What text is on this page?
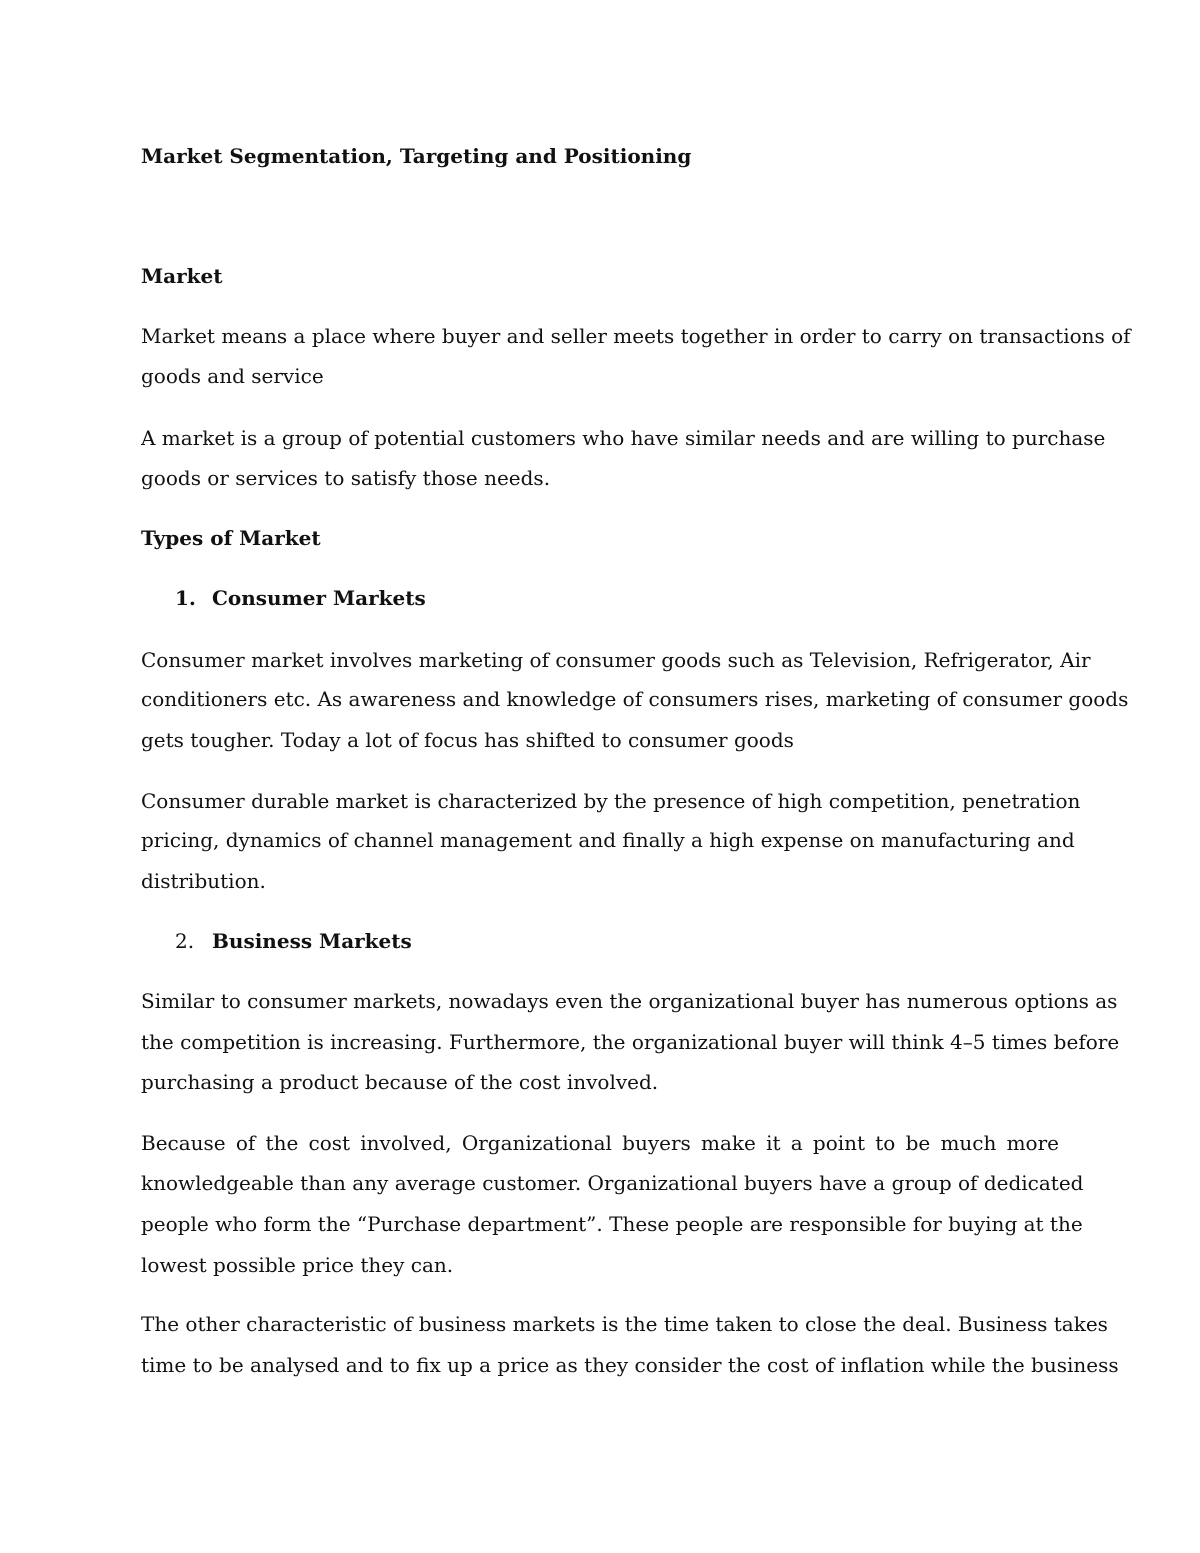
Market Segmentation, Targeting and Positioning

Market

Market means a place where buyer and seller meets together in order to carry on transactions of

goods and service

A market is a group of potential customers who have similar needs and are willing to purchase

goods or services to satisfy those needs.

Types of Market

1. Consumer Markets

Consumer market involves marketing of consumer goods such as Television, Refrigerator, Air

conditioners etc. As awareness and knowledge of consumers rises, marketing of consumer goods

gets tougher. Today a lot of focus has shifted to consumer goods

Consumer durable market is characterized by the presence of high competition, penetration

pricing, dynamics of channel management and finally a high expense on manufacturing and

distribution.

2. Business Markets

Similar to consumer markets, nowadays even the organizational buyer has numerous options as

the competition is increasing. Furthermore, the organizational buyer will think 4–5 times before

purchasing a product because of the cost involved.

Because of the cost involved, Organizational buyers make it a point to be much more

knowledgeable than any average customer. Organizational buyers have a group of dedicated

people who form the “Purchase department”. These people are responsible for buying at the

lowest possible price they can.

The other characteristic of business markets is the time taken to close the deal. Business takes

time to be analysed and to fix up a price as they consider the cost of inflation while the business
